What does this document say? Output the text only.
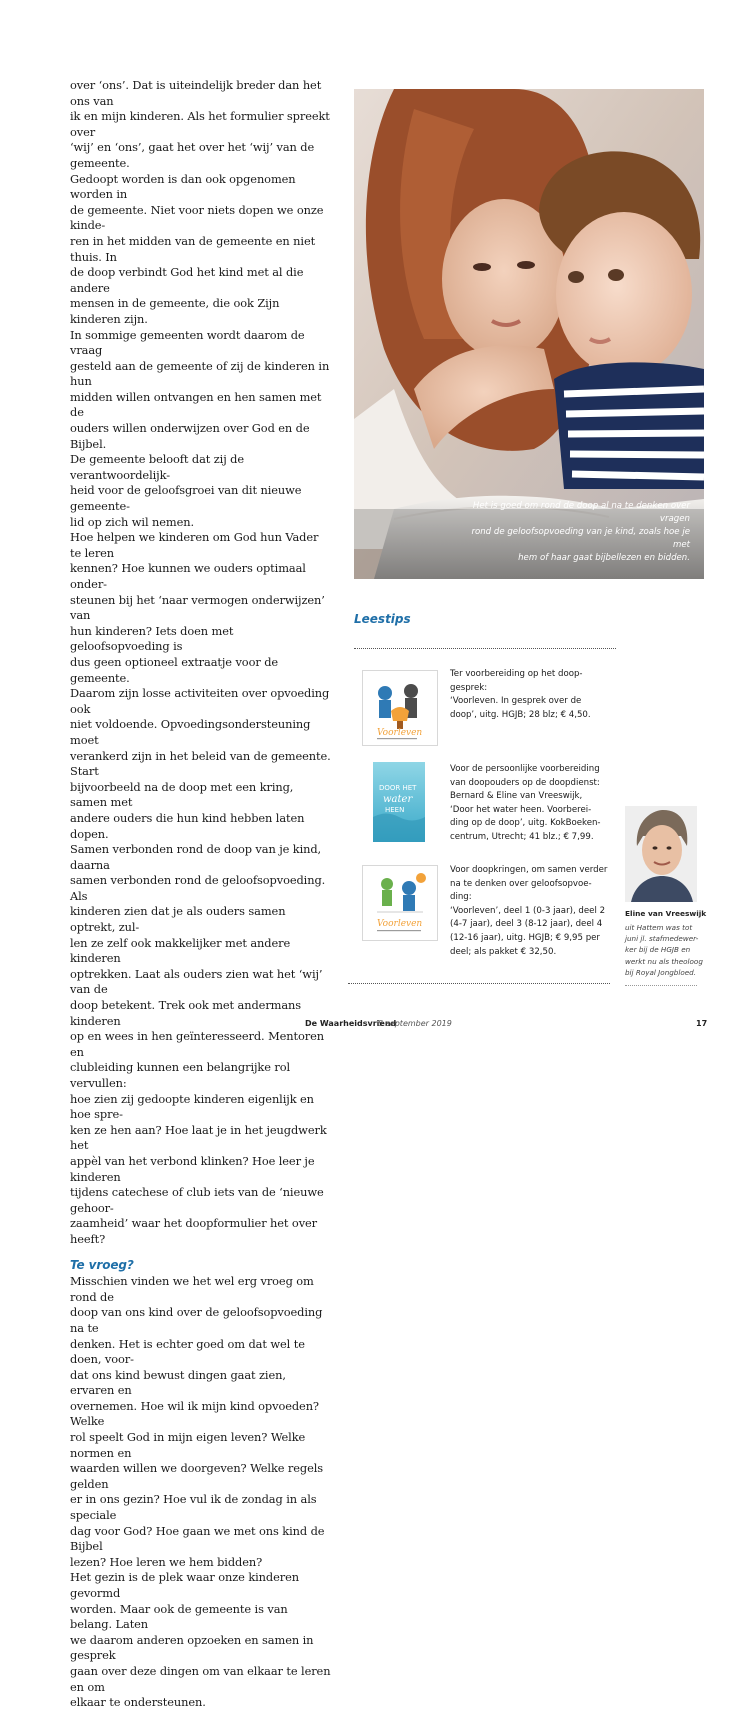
over ‘ons’. Dat is uiteindelijk breder dan het ons van
ik en mijn kinderen. Als het formulier spreekt over
‘wij’ en ‘ons’, gaat het over het ‘wij’ van de gemeente.
Gedoopt worden is dan ook opgenomen worden in
de gemeente. Niet voor niets dopen we onze kinde-
ren in het midden van de gemeente en niet thuis. In
de doop verbindt God het kind met al die andere
mensen in de gemeente, die ook Zijn kinderen zijn.
In sommige gemeenten wordt daarom de vraag
gesteld aan de gemeente of zij de kinderen in hun
midden willen ontvangen en hen samen met de
ouders willen onderwijzen over God en de Bijbel.
De gemeente belooft dat zij de verantwoordelijk-
heid voor de geloofsgroei van dit nieuwe gemeente-
lid op zich wil nemen.

Hoe helpen we kinderen om God hun Vader te leren
kennen? Hoe kunnen we ouders optimaal onder-
steunen bij het ‘naar vermogen onderwijzen’ van
hun kinderen? Iets doen met geloofsopvoeding is
dus geen optioneel extraatje voor de gemeente.
Daarom zijn losse activiteiten over opvoeding ook
niet voldoende. Opvoedingsondersteuning moet
verankerd zijn in het beleid van de gemeente. Start
bijvoorbeeld na de doop met een kring, samen met
andere ouders die hun kind hebben laten dopen.
Samen verbonden rond de doop van je kind, daarna
samen verbonden rond de geloofsopvoeding. Als
kinderen zien dat je als ouders samen optrekt, zul-
len ze zelf ook makkelijker met andere kinderen
optrekken. Laat als ouders zien wat het ‘wij’ van de
doop betekent. Trek ook met andermans kinderen
op en wees in hen geïnteresseerd. Mentoren en
clubleiding kunnen een belangrijke rol vervullen:
hoe zien zij gedoopte kinderen eigenlijk en hoe spre-
ken ze hen aan? Hoe laat je in het jeugdwerk het
appèl van het verbond klinken? Hoe leer je kinderen
tijdens catechese of club iets van de ‘nieuwe gehoor-
zaamheid’ waar het doopformulier het over heeft?

Te vroeg?

Misschien vinden we het wel erg vroeg om rond de
doop van ons kind over de geloofsopvoeding na te
denken. Het is echter goed om dat wel te doen, voor-
dat ons kind bewust dingen gaat zien, ervaren en
overnemen. Hoe wil ik mijn kind opvoeden? Welke
rol speelt God in mijn eigen leven? Welke normen en
waarden willen we doorgeven? Welke regels gelden
er in ons gezin? Hoe vul ik de zondag in als speciale
dag voor God? Hoe gaan we met ons kind de Bijbel
lezen? Hoe leren we hem bidden?

Het gezin is de plek waar onze kinderen gevormd
worden. Maar ook de gemeente is van belang. Laten
we daarom anderen opzoeken en samen in gesprek
gaan over deze dingen om van elkaar te leren en om
elkaar te ondersteunen.

Het is goed om rond de doop al na te denken over vragen
rond de geloofsopvoeding van je kind, zoals hoe je met
hem of haar gaat bijbellezen en bidden.
Leestips
Voorleven
Ter voorbereiding op het doop-
gesprek:
‘Voorleven. In gesprek over de
doop’, uitg. HGJB; 28 blz; € 4,50.
DOOR HET
water
HEEN
Voor de persoonlijke voorbereiding
van doopouders op de doopdienst:
Bernard & Eline van Vreeswijk,
‘Door het water heen. Voorberei-
ding op de doop’, uitg. KokBoeken-
centrum, Utrecht; 41 blz.; € 7,99.
Voorleven
Voor doopkringen, om samen verder
na te denken over geloofsopvoe-
ding:
‘Voorleven’, deel 1 (0-3 jaar), deel 2
(4-7 jaar), deel 3 (8-12 jaar), deel 4
(12-16 jaar), uitg. HGJB; € 9,95 per
deel; als pakket € 32,50.
Eline van Vreeswijk
uit Hattem was tot
juni jl. stafmedewer-
ker bij de HGJB en
werkt nu als theoloog
bij Royal Jongbloed.
De Waarheidsvriend
5 september 2019	17
